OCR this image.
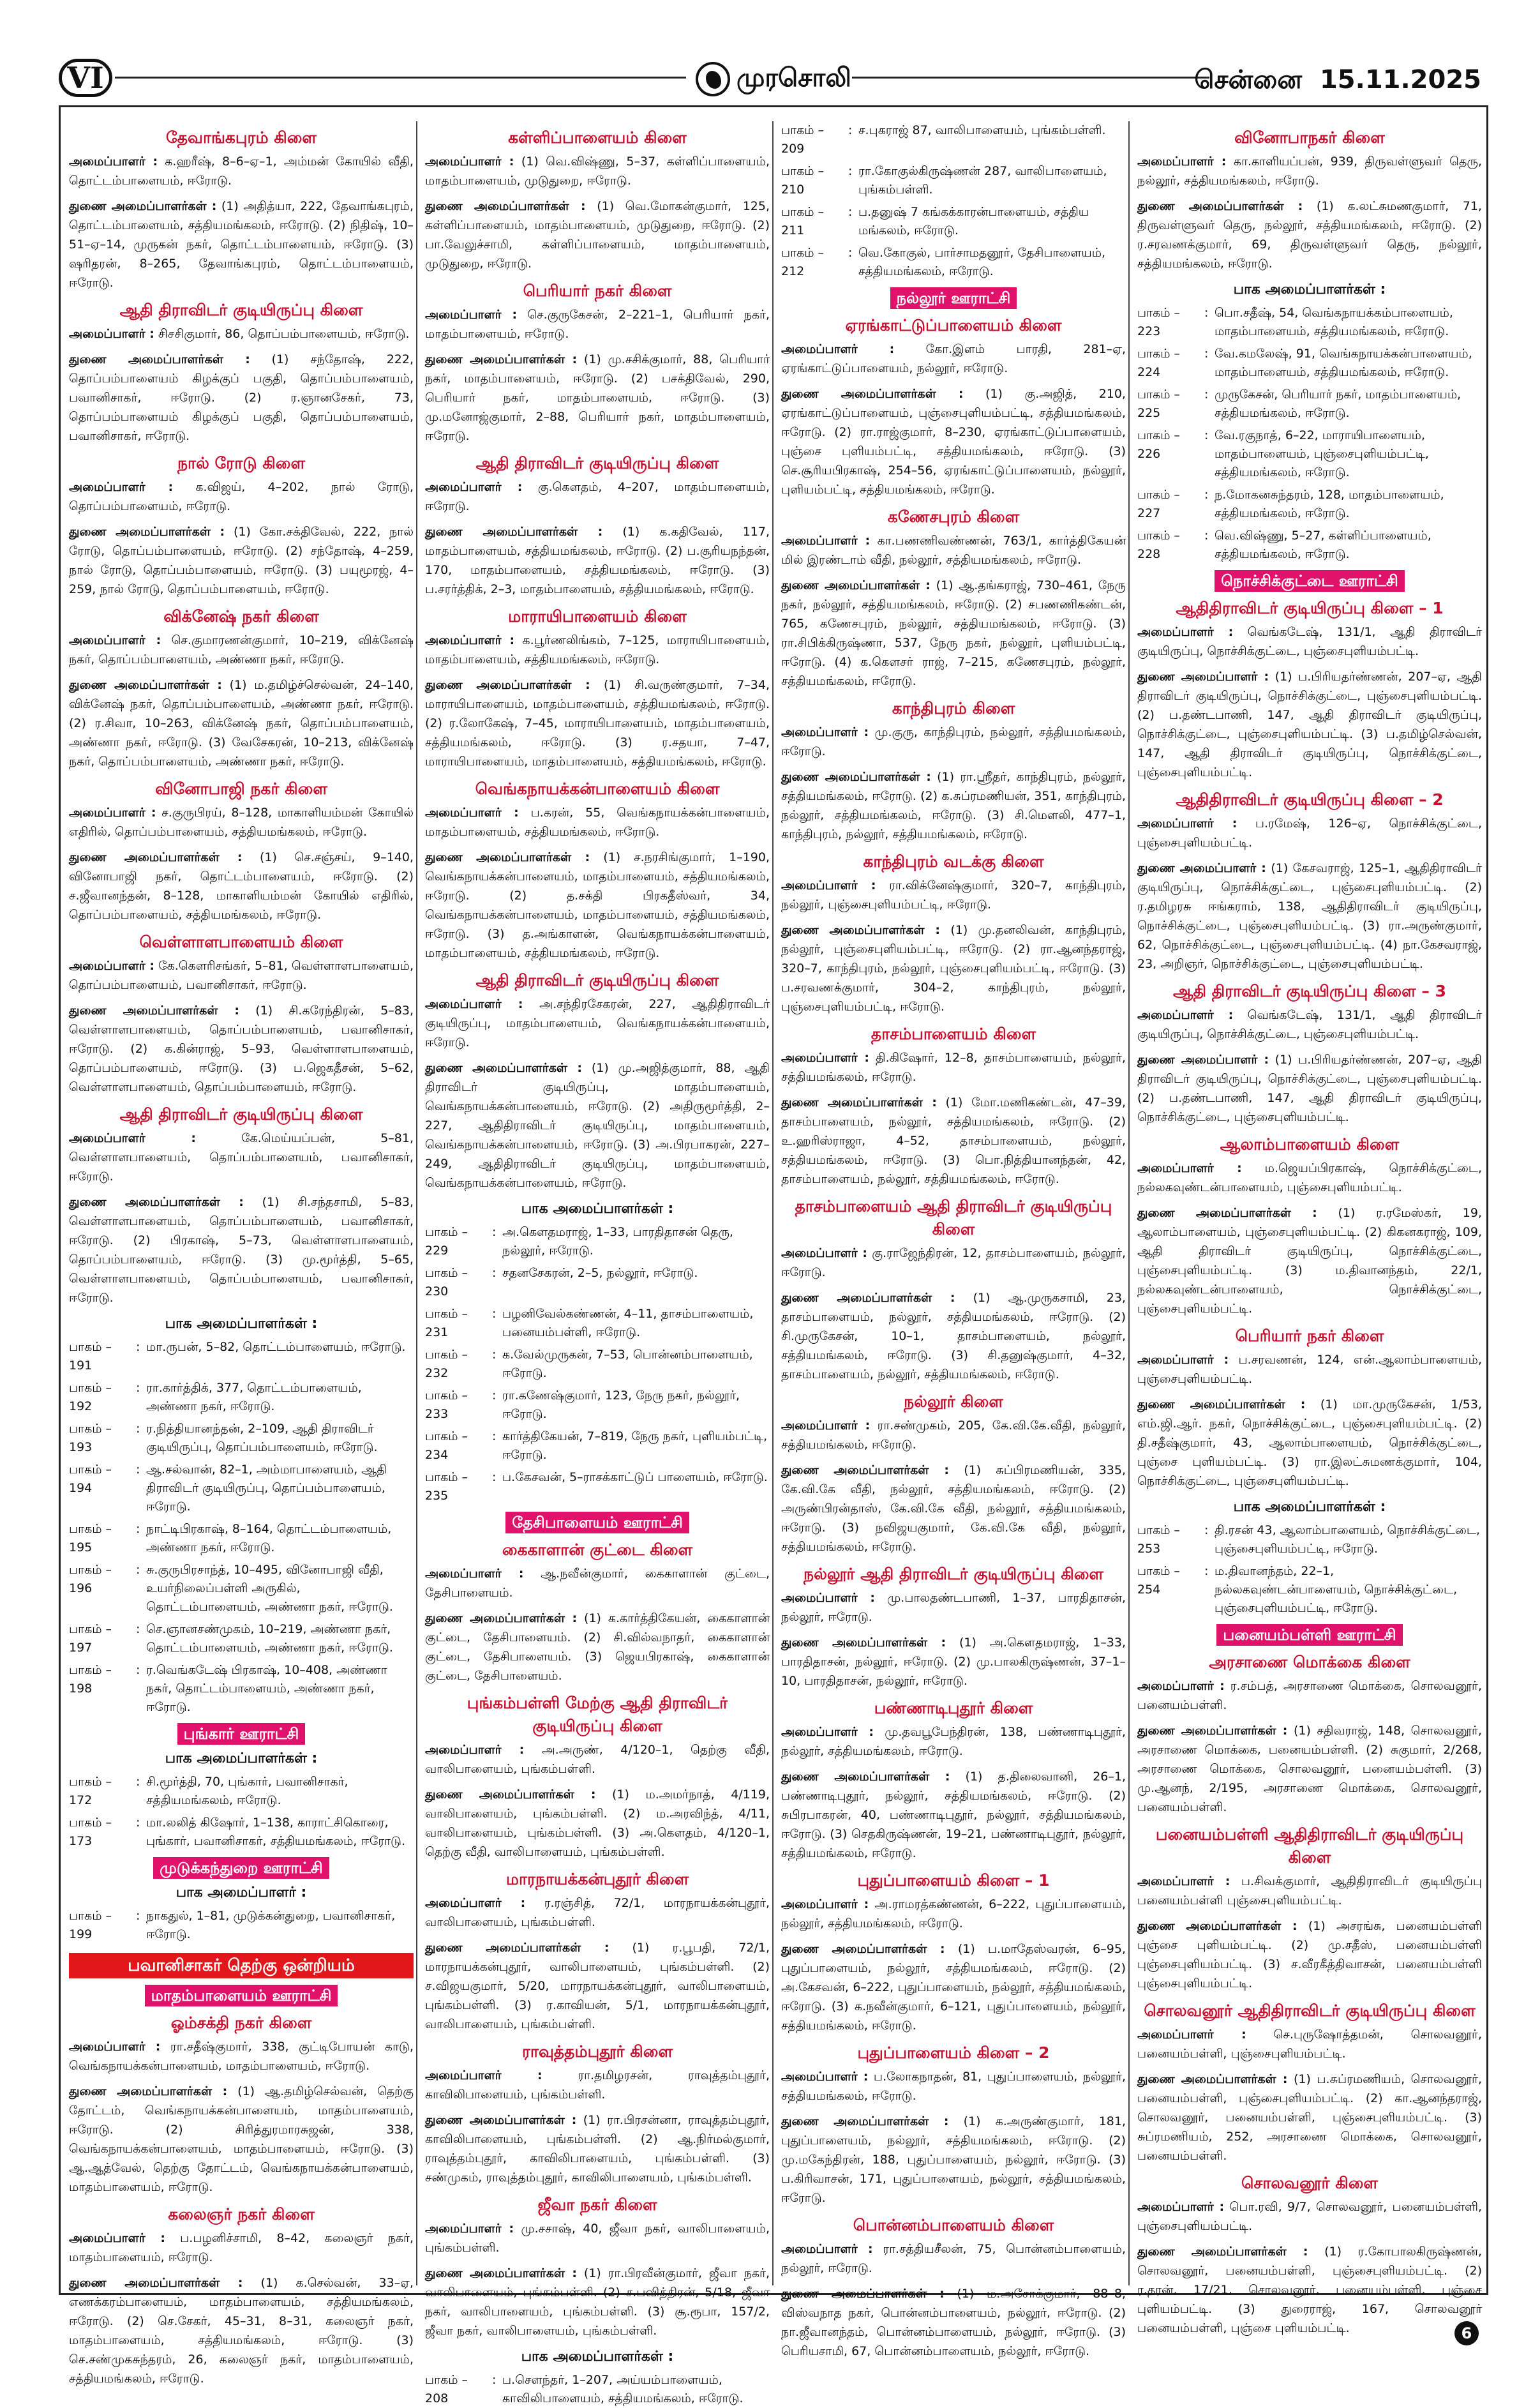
VI	முரசொலி	சென்னை 15.11.2025
தேவாங்கபுரம் கிளை
அமைப்பாளர் : க.ஹரீஷ், 8–6–ஏ–1, அம்மன் கோயில் வீதி, தொட்டம்பாளையம், ஈரோடு.
துணை அமைப்பாளர்கள் : (1) அதித்யா, 222, தேவாங்கபுரம், தொட்டம்பாளையம், சத்தியமங்கலம், ஈரோடு. (2) நிதிஷ், 10–51–ஏ–14, முருகன் நகர், தொட்டம்பாளையம், ஈரோடு. (3) ஷரிதரன், 8–265, தேவாங்கபுரம், தொட்டம்பாளையம், ஈரோடு.
ஆதி திராவிடர் குடியிருப்பு கிளை
அமைப்பாளர் : சிசசிகுமார், 86, தொப்பம்பாளையம், ஈரோடு.
துணை அமைப்பாளர்கள் : (1) சந்தோஷ், 222, தொப்பம்பாளையம் கிழக்குப் பகுதி, தொப்பம்பாளையம், பவானிசாகர், ஈரோடு. (2) ர.ஞானசேகர், 73, தொப்பம்பாளையம் கிழக்குப் பகுதி, தொப்பம்பாளையம், பவானிசாகர், ஈரோடு.
நால் ரோடு கிளை
அமைப்பாளர் : க.விஜய், 4–202, நால் ரோடு, தொப்பம்பாளையம், ஈரோடு.
துணை அமைப்பாளர்கள் : (1) கோ.சக்திவேல், 222, நால் ரோடு, தொப்பம்பாளையம், ஈரோடு. (2) சந்தோஷ், 4–259, நால் ரோடு, தொப்பம்பாளையம், ஈரோடு. (3) பயுமூரஜ், 4–259, நால் ரோடு, தொப்பம்பாளையம், ஈரோடு.
விக்னேஷ் நகர் கிளை
அமைப்பாளர் : செ.குமாரணன்குமார், 10–219, விக்னேஷ் நகர், தொப்பம்பாளையம், அண்ணா நகர், ஈரோடு.
துணை அமைப்பாளர்கள் : (1) ம.தமிழ்ச்செல்வன், 24–140, விக்னேஷ் நகர், தொப்பம்பாளையம், அண்ணா நகர், ஈரோடு. (2) ர.சிவா, 10–263, விக்னேஷ் நகர், தொப்பம்பாளையம், அண்ணா நகர், ஈரோடு. (3) வேசேகரன், 10–213, விக்னேஷ் நகர், தொப்பம்பாளையம், அண்ணா நகர், ஈரோடு.
வினோபாஜி நகர் கிளை
அமைப்பாளர் : ச.குருபிரய், 8–128, மாகாளியம்மன் கோயில் எதிரில், தொப்பம்பாளையம், சத்தியமங்கலம், ஈரோடு.
துணை அமைப்பாளர்கள் : (1) செ.சஞ்சய், 9–140, வினோபாஜி நகர், தொட்டம்பாளையம், ஈரோடு. (2) ச.ஜீவானந்தன், 8–128, மாகாளியம்மன் கோயில் எதிரில், தொப்பம்பாளையம், சத்தியமங்கலம், ஈரோடு.
வெள்ளாளபாளையம் கிளை
அமைப்பாளர் : கே.கௌரிசங்கர், 5–81, வெள்ளாளபாளையம், தொப்பம்பாளையம், பவானிசாகர், ஈரோடு.
துணை அமைப்பாளர்கள் : (1) சி.கரேந்திரன், 5–83, வெள்ளாளபாளையம், தொப்பம்பாளையம், பவானிசாகர், ஈரோடு. (2) க.கின்ராஜ், 5–93, வெள்ளாளபாளையம், தொப்பம்பாளையம், ஈரோடு. (3) ப.ஜெகதீசன், 5–62, வெள்ளாளபாளையம், தொப்பம்பாளையம், ஈரோடு.
ஆதி திராவிடர் குடியிருப்பு கிளை
அமைப்பாளர் : கே.மெய்யப்பன், 5–81, வெள்ளாளபாளையம், தொப்பம்பாளையம், பவானிசாகர், ஈரோடு.
துணை அமைப்பாளர்கள் : (1) சி.சந்தசாமி, 5–83, வெள்ளாளபாளையம், தொப்பம்பாளையம், பவானிசாகர், ஈரோடு. (2) பிரகாஷ், 5–73, வெள்ளாளபாளையம், தொப்பம்பாளையம், ஈரோடு. (3) மு.மூர்த்தி, 5–65, வெள்ளாளபாளையம், தொப்பம்பாளையம், பவானிசாகர், ஈரோடு.
பாக அமைப்பாளர்கள் :
பாகம் – 191
: மா.ருபன், 5–82, தொட்டம்பாளையம், ஈரோடு.
பாகம் – 192
: ரா.கார்த்திக், 377, தொட்டம்பாளையம், அண்ணா நகர், ஈரோடு.
பாகம் – 193
: ர.நித்தியானந்தன், 2–109, ஆதி திராவிடர் குடியிருப்பு, தொப்பம்பாளையம், ஈரோடு.
பாகம் – 194
: ஆ.சல்வான், 82–1, அம்மாபாளையம், ஆதி திராவிடர் குடியிருப்பு, தொப்பம்பாளையம், ஈரோடு.
பாகம் – 195
: நாட்டிபிரகாஷ், 8–164, தொட்டம்பாளையம், அண்ணா நகர், ஈரோடு.
பாகம் – 196
: சு.குருபிரசாந்த், 10–495, வினோபாஜி வீதி, உயர்நிலைப்பள்ளி அருகில், தொட்டம்பாளையம், அண்ணா நகர், ஈரோடு.
பாகம் – 197
: செ.ஞானசண்முகம், 10–219, அண்ணா நகர், தொட்டம்பாளையம், அண்ணா நகர், ஈரோடு.
பாகம் – 198
: ர.வெங்கடேஷ் பிரகாஷ், 10–408, அண்ணா நகர், தொட்டம்பாளையம், அண்ணா நகர், ஈரோடு.
புங்கார் ஊராட்சி
பாக அமைப்பாளர்கள் :
பாகம் – 172
: சி.மூர்த்தி, 70, புங்கார், பவானிசாகர், சத்தியமங்கலம், ஈரோடு.
பாகம் – 173
: மா.லலித் கிஷோர், 1–138, காராட்சிகொரை, புங்கார், பவானிசாகர், சத்தியமங்கலம், ஈரோடு.
முடுக்கந்துறை ஊராட்சி
பாக அமைப்பாளர் :
பாகம் – 199
: நாகதுல், 1–81, முடுக்கன்துறை, பவானிசாகர், ஈரோடு.
பவானிசாகர் தெற்கு ஒன்றியம்
மாதம்பாளையம் ஊராட்சி
ஓம்சக்தி நகர் கிளை
அமைப்பாளர் : ரா.சதீஷ்குமார், 338, குட்டிபோயன் காடு, வெங்கநாயக்கன்பாளையம், மாதம்பாளையம், ஈரோடு.
துணை அமைப்பாளர்கள் : (1) ஆ.தமிழ்செல்வன், தெற்கு தோட்டம், வெங்கநாயக்கன்பாளையம், மாதம்பாளையம், ஈரோடு. (2) சிரித்துரமாரசுஜன், 338, வெங்கநாயக்கன்பாளையம், மாதம்பாளையம், ஈரோடு. (3) ஆ.ஆத்வேல், தெற்கு தோட்டம், வெங்கநாயக்கன்பாளையம், மாதம்பாளையம், ஈரோடு.
கலைஞர் நகர் கிளை
அமைப்பாளர் : ப.பழனிச்சாமி, 8–42, கலைஞர் நகர், மாதம்பாளையம், ஈரோடு.
துணை அமைப்பாளர்கள் : (1) க.செல்வன், 33–ஏ, எணக்கரம்பாளையம், மாதம்பாளையம், சத்தியமங்கலம், ஈரோடு. (2) செ.சேகர், 45–31, 8–31, கலைஞர் நகர், மாதம்பாளையம், சத்தியமங்கலம், ஈரோடு. (3) செ.சண்முகசுந்தரம், 26, கலைஞர் நகர், மாதம்பாளையம், சத்தியமங்கலம், ஈரோடு.
கள்ளிப்பாளையம் கிளை
அமைப்பாளர் : (1) வெ.விஷ்ணு, 5–37, கள்ளிப்பாளையம், மாதம்பாளையம், முடுதுறை, ஈரோடு.
துணை அமைப்பாளர்கள் : (1) வெ.மோகன்குமார், 125, கள்ளிப்பாளையம், மாதம்பாளையம், முடுதுறை, ஈரோடு. (2) பா.வேலுச்சாமி, கள்ளிப்பாளையம், மாதம்பாளையம், முடுதுறை, ஈரோடு.
பெரியார் நகர் கிளை
அமைப்பாளர் : செ.குருகேசன், 2–221–1, பெரியார் நகர், மாதம்பாளையம், ஈரோடு.
துணை அமைப்பாளர்கள் : (1) மு.சசிக்குமார், 88, பெரியார் நகர், மாதம்பாளையம், ஈரோடு. (2) பசக்திவேல், 290, பெரியார் நகர், மாதம்பாளையம், ஈரோடு. (3) மு.மனோஜ்குமார், 2–88, பெரியார் நகர், மாதம்பாளையம், ஈரோடு.
ஆதி திராவிடர் குடியிருப்பு கிளை
அமைப்பாளர் : கு.கௌதம், 4–207, மாதம்பாளையம், ஈரோடு.
துணை அமைப்பாளர்கள் : (1) க.கதிவேல், 117, மாதம்பாளையம், சத்தியமங்கலம், ஈரோடு. (2) ப.சூரியநந்தன், 170, மாதம்பாளையம், சத்தியமங்கலம், ஈரோடு. (3) ப.சரர்த்திக், 2–3, மாதம்பாளையம், சத்தியமங்கலம், ஈரோடு.
மாராயிபாளையம் கிளை
அமைப்பாளர் : க.பூர்ணலிங்கம், 7–125, மாராயிபாளையம், மாதம்பாளையம், சத்தியமங்கலம், ஈரோடு.
துணை அமைப்பாளர்கள் : (1) சி.வருண்குமார், 7–34, மாராயிபாளையம், மாதம்பாளையம், சத்தியமங்கலம், ஈரோடு. (2) ர.லோகேஷ், 7–45, மாராயிபாளையம், மாதம்பாளையம், சத்தியமங்கலம், ஈரோடு. (3) ர.சதயா, 7–47, மாராயிபாளையம், மாதம்பாளையம், சத்தியமங்கலம், ஈரோடு.
வெங்கநாயக்கன்பாளையம் கிளை
அமைப்பாளர் : ப.கரன், 55, வெங்கநாயக்கன்பாளையம், மாதம்பாளையம், சத்தியமங்கலம், ஈரோடு.
துணை அமைப்பாளர்கள் : (1) ச.நரசிங்குமார், 1–190, வெங்கநாயக்கன்பாளையம், மாதம்பாளையம், சத்தியமங்கலம், ஈரோடு. (2) த.சக்தி பிரகதீஸ்வர், 34, வெங்கநாயக்கன்பாளையம், மாதம்பாளையம், சத்தியமங்கலம், ஈரோடு. (3) த.அங்காளன், வெங்கநாயக்கன்பாளையம், மாதம்பாளையம், சத்தியமங்கலம், ஈரோடு.
ஆதி திராவிடர் குடியிருப்பு கிளை
அமைப்பாளர் : அ.சந்திரசேகரன், 227, ஆதிதிராவிடர் குடியிருப்பு, மாதம்பாளையம், வெங்கநாயக்கன்பாளையம், ஈரோடு.
துணை அமைப்பாளர்கள் : (1) மு.அஜித்குமார், 88, ஆதி திராவிடர் குடியிருப்பு, மாதம்பாளையம், வெங்கநாயக்கன்பாளையம், ஈரோடு. (2) அதிருமூர்த்தி, 2–227, ஆதிதிராவிடர் குடியிருப்பு, மாதம்பாளையம், வெங்கநாயக்கன்பாளையம், ஈரோடு. (3) அ.பிரபாகரன், 227–249, ஆதிதிராவிடர் குடியிருப்பு, மாதம்பாளையம், வெங்கநாயக்கன்பாளையம், ஈரோடு.
பாக அமைப்பாளர்கள் :
பாகம் – 229
: அ.கௌதமராஜ், 1–33, பாரதிதாசன் தெரு, நல்லூர், ஈரோடு.
பாகம் – 230
: சதனசேகரன், 2–5, நல்லூர், ஈரோடு.
பாகம் – 231
: பழனிவேல்கண்ணன், 4–11, தாசம்பாளையம், பனையம்பள்ளி, ஈரோடு.
பாகம் – 232
: க.வேல்முருகன், 7–53, பொன்னம்பாளையம், ஈரோடு.
பாகம் – 233
: ரா.கணேஷ்குமார், 123, நேரு நகர், நல்லூர், ஈரோடு.
பாகம் – 234
: கார்த்திகேயன், 7–819, நேரு நகர், புளியம்பட்டி, ஈரோடு.
பாகம் – 235
: ப.கேசவன், 5–ராசக்காட்டுப் பாளையம், ஈரோடு.
தேசிபாளையம் ஊராட்சி
கைகாளான் குட்டை கிளை
அமைப்பாளர் : ஆ.நவீன்குமார், கைகாளான் குட்டை, தேசிபாளையம்.
துணை அமைப்பாளர்கள் : (1) க.கார்த்திகேயன், கைகாளான் குட்டை, தேசிபாளையம். (2) சி.வில்வநாதர், கைகாளான் குட்டை, தேசிபாளையம். (3) ஜெயபிரகாஷ், கைகாளான் குட்டை, தேசிபாளையம்.
புங்கம்பள்ளி மேற்கு ஆதி திராவிடர் குடியிருப்பு கிளை
அமைப்பாளர் : அ.அருண், 4/120–1, தெற்கு வீதி, வாலிபாளையம், புங்கம்பள்ளி.
துணை அமைப்பாளர்கள் : (1) ம.அமர்நாத், 4/119, வாலிபாளையம், புங்கம்பள்ளி. (2) ம.அரவிந்த், 4/11, வாலிபாளையம், புங்கம்பள்ளி. (3) அ.கௌதம், 4/120–1, தெற்கு வீதி, வாலிபாளையம், புங்கம்பள்ளி.
மாரநாயக்கன்புதூர் கிளை
அமைப்பாளர் : ர.ரஞ்சித், 72/1, மாரநாயக்கன்புதூர், வாலிபாளையம், புங்கம்பள்ளி.
துணை அமைப்பாளர்கள் : (1) ர.பூபதி, 72/1, மாரநாயக்கன்புதூர், வாலிபாளையம், புங்கம்பள்ளி. (2) ச.விஜயகுமார், 5/20, மாரநாயக்கன்புதூர், வாலிபாளையம், புங்கம்பள்ளி. (3) ர.காவியன், 5/1, மாரநாயக்கன்புதூர், வாலிபாளையம், புங்கம்பள்ளி.
ராவுத்தம்புதூர் கிளை
அமைப்பாளர் : ரா.தமிழரசன், ராவுத்தம்புதூர், காவிலிபாளையம், புங்கம்பள்ளி.
துணை அமைப்பாளர்கள் : (1) ரா.பிரசன்னா, ராவுத்தம்புதூர், காவிலிபாளையம், புங்கம்பள்ளி. (2) ஆ.நிர்மல்குமார், ராவுத்தம்புதூர், காவிலிபாளையம், புங்கம்பள்ளி. (3) சண்முகம், ராவுத்தம்புதூர், காவிலிபாளையம், புங்கம்பள்ளி.
ஜீவா நகர் கிளை
அமைப்பாளர் : மு.சசாஷ், 40, ஜீவா நகர், வாலிபாளையம், புங்கம்பள்ளி.
துணை அமைப்பாளர்கள் : (1) ரா.பிரவீன்குமார், ஜீவா நகர், வாலிபாளையம், புங்கம்பள்ளி. (2) ச.பவித்திரன், 5/18, ஜீவா நகர், வாலிபாளையம், புங்கம்பள்ளி. (3) சூ.ரூபா, 157/2, ஜீவா நகர், வாலிபாளையம், புங்கம்பள்ளி.
பாக அமைப்பாளர்கள் :
பாகம் – 208
: ப.சௌந்தர், 1–207, அய்யம்பாளையம், காவிலிபாளையம், சத்தியமங்கலம், ஈரோடு.
பாகம் – 209
: ச.புகராஜ் 87, வாலிபாளையம், புங்கம்பள்ளி.
பாகம் – 210
: ரா.கோகுல்கிருஷ்ணன் 287, வாலிபாளையம், புங்கம்பள்ளி.
பாகம் – 211
: ப.தனுஷ் 7 கங்கக்காரன்பாளையம், சத்திய மங்கலம், ஈரோடு.
பாகம் – 212
: வெ.கோகுல், பார்சாமதனூர், தேசிபாளையம், சத்தியமங்கலம், ஈரோடு.
நல்லூர் ஊராட்சி
ஏரங்காட்டுப்பாளையம் கிளை
அமைப்பாளர் : கோ.இளம் பாரதி, 281–ஏ, ஏரங்காட்டுப்பாளையம், நல்லூர், ஈரோடு.
துணை அமைப்பாளர்கள் : (1) கு.அஜித், 210, ஏரங்காட்டுப்பாளையம், புஞ்சைபுளியம்பட்டி, சத்தியமங்கலம், ஈரோடு. (2) ரா.ராஜ்குமார், 8–230, ஏரங்காட்டுப்பாளையம், புஞ்சை புளியம்பட்டி, சத்தியமங்கலம், ஈரோடு. (3) செ.சூரியபிரகாஷ், 254–56, ஏரங்காட்டுப்பாளையம், நல்லூர், புளியம்பட்டி, சத்தியமங்கலம், ஈரோடு.
கணேசபுரம் கிளை
அமைப்பாளர் : கா.பணணிவண்ணன், 763/1, கார்த்திகேயன் மில் இரண்டாம் வீதி, நல்லூர், சத்தியமங்கலம், ஈரோடு.
துணை அமைப்பாளர்கள் : (1) ஆ.தங்கராஜ், 730–461, நேரு நகர், நல்லூர், சத்தியமங்கலம், ஈரோடு. (2) சபணணிகண்டன், 765, கணேசபுரம், நல்லூர், சத்தியமங்கலம், ஈரோடு. (3) ரா.சிபிக்கிருஷ்ணா, 537, நேரு நகர், நல்லூர், புளியம்பட்டி, ஈரோடு. (4) க.கௌசர் ராஜ், 7–215, கணேசபுரம், நல்லூர், சத்தியமங்கலம், ஈரோடு.
காந்திபுரம் கிளை
அமைப்பாளர் : மு.குரு, காந்திபுரம், நல்லூர், சத்தியமங்கலம், ஈரோடு.
துணை அமைப்பாளர்கள் : (1) ரா.ஸ்ரீதர், காந்திபுரம், நல்லூர், சத்தியமங்கலம், ஈரோடு. (2) க.சுப்ரமணியன், 351, காந்திபுரம், நல்லூர், சத்தியமங்கலம், ஈரோடு. (3) சி.மௌலி, 477–1, காந்திபுரம், நல்லூர், சத்தியமங்கலம், ஈரோடு.
காந்திபுரம் வடக்கு கிளை
அமைப்பாளர் : ரா.விக்னேஷ்குமார், 320–7, காந்திபுரம், நல்லூர், புஞ்சைபுளியம்பட்டி, ஈரோடு.
துணை அமைப்பாளர்கள் : (1) மு.தனலிவன், காந்திபுரம், நல்லூர், புஞ்சைபுளியம்பட்டி, ஈரோடு. (2) ரா.ஆனந்தராஜ், 320–7, காந்திபுரம், நல்லூர், புஞ்சைபுளியம்பட்டி, ஈரோடு. (3) ப.சரவணக்குமார், 304–2, காந்திபுரம், நல்லூர், புஞ்சைபுளியம்பட்டி, ஈரோடு.
தாசம்பாளையம் கிளை
அமைப்பாளர் : தி.கிஷோர், 12–8, தாசம்பாளையம், நல்லூர், சத்தியமங்கலம், ஈரோடு.
துணை அமைப்பாளர்கள் : (1) மோ.மணிகண்டன், 47–39, தாசம்பாளையம், நல்லூர், சத்தியமங்கலம், ஈரோடு. (2) உ.ஹரிஸ்ராஜா, 4–52, தாசம்பாளையம், நல்லூர், சத்தியமங்கலம், ஈரோடு. (3) பொ.நித்தியானந்தன், 42, தாசம்பாளையம், நல்லூர், சத்தியமங்கலம், ஈரோடு.
தாசம்பாளையம் ஆதி திராவிடர் குடியிருப்பு கிளை
அமைப்பாளர் : கு.ராஜேந்திரன், 12, தாசம்பாளையம், நல்லூர், ஈரோடு.
துணை அமைப்பாளர்கள் : (1) ஆ.முருகசாமி, 23, தாசம்பாளையம், நல்லூர், சத்தியமங்கலம், ஈரோடு. (2) சி.முருகேசன், 10–1, தாசம்பாளையம், நல்லூர், சத்தியமங்கலம், ஈரோடு. (3) சி.தனுஷ்குமார், 4–32, தாசம்பாளையம், நல்லூர், சத்தியமங்கலம், ஈரோடு.
நல்லூர் கிளை
அமைப்பாளர் : ரா.சண்முகம், 205, கே.வி.கே.வீதி, நல்லூர், சத்தியமங்கலம், ஈரோடு.
துணை அமைப்பாளர்கள் : (1) சுப்பிரமணியன், 335, கே.வி.கே வீதி, நல்லூர், சத்தியமங்கலம், ஈரோடு. (2) அருண்பிரன்தாஸ், கே.வி.கே வீதி, நல்லூர், சத்தியமங்கலம், ஈரோடு. (3) நவிஜயகுமார், கே.வி.கே வீதி, நல்லூர், சத்தியமங்கலம், ஈரோடு.
நல்லூர் ஆதி திராவிடர் குடியிருப்பு கிளை
அமைப்பாளர் : மு.பாலதண்டபாணி, 1–37, பாரதிதாசன், நல்லூர், ஈரோடு.
துணை அமைப்பாளர்கள் : (1) அ.கௌதமராஜ், 1–33, பாரதிதாசன், நல்லூர், ஈரோடு. (2) மு.பாலகிருஷ்ணன், 37–1–10, பாரதிதாசன், நல்லூர், ஈரோடு.
பண்ணாடிபுதூர் கிளை
அமைப்பாளர் : மு.தவபூபேந்திரன், 138, பண்ணாடிபுதூர், நல்லூர், சத்தியமங்கலம், ஈரோடு.
துணை அமைப்பாளர்கள் : (1) த.திலைவானி, 26–1, பண்ணாடிபுதூர், நல்லூர், சத்தியமங்கலம், ஈரோடு. (2) சுபிரபாகரன், 40, பண்ணாடிபுதூர், நல்லூர், சத்தியமங்கலம், ஈரோடு. (3) செதகிருஷ்ணன், 19–21, பண்ணாடிபுதூர், நல்லூர், சத்தியமங்கலம், ஈரோடு.
புதுப்பாளையம் கிளை – 1
அமைப்பாளர் : அ.ராமரத்கண்ணன், 6–222, புதுப்பாளையம், நல்லூர், சத்தியமங்கலம், ஈரோடு.
துணை அமைப்பாளர்கள் : (1) ப.மாதேஸ்வரன், 6–95, புதுப்பாளையம், நல்லூர், சத்தியமங்கலம், ஈரோடு. (2) அ.கேசவன், 6–222, புதுப்பாளையம், நல்லூர், சத்தியமங்கலம், ஈரோடு. (3) க.நவீன்குமார், 6–121, புதுப்பாளையம், நல்லூர், சத்தியமங்கலம், ஈரோடு.
புதுப்பாளையம் கிளை – 2
அமைப்பாளர் : ப.லோகநாதன், 81, புதுப்பாளையம், நல்லூர், சத்தியமங்கலம், ஈரோடு.
துணை அமைப்பாளர்கள் : (1) க.அருண்குமார், 181, புதுப்பாளையம், நல்லூர், சத்தியமங்கலம், ஈரோடு. (2) மு.மகேந்திரன், 188, புதுப்பாளையம், நல்லூர், ஈரோடு. (3) ப.கிரிவாசன், 171, புதுப்பாளையம், நல்லூர், சத்தியமங்கலம், ஈரோடு.
பொன்னம்பாளையம் கிளை
அமைப்பாளர் : ரா.சத்தியசீலன், 75, பொன்னம்பாளையம், நல்லூர், ஈரோடு.
துணை அமைப்பாளர்கள் : (1) ம.அசோக்குமார், 88–8, விஸ்வநாத நகர், பொன்னம்பாளையம், நல்லூர், ஈரோடு. (2) நா.ஜீவானந்தம், பொன்னம்பாளையம், நல்லூர், ஈரோடு. (3) பெரியசாமி, 67, பொன்னம்பாளையம், நல்லூர், ஈரோடு.
வினோபாநகர் கிளை
அமைப்பாளர் : கா.காளியப்பன், 939, திருவள்ளுவர் தெரு, நல்லூர், சத்தியமங்கலம், ஈரோடு.
துணை அமைப்பாளர்கள் : (1) க.லட்சுமணகுமார், 71, திருவள்ளுவர் தெரு, நல்லூர், சத்தியமங்கலம், ஈரோடு. (2) ர.சரவணக்குமார், 69, திருவள்ளுவர் தெரு, நல்லூர், சத்தியமங்கலம், ஈரோடு.
பாக அமைப்பாளர்கள் :
பாகம் – 223
: பொ.சதீஷ், 54, வெங்கநாயக்கம்பாளையம், மாதம்பாளையம், சத்தியமங்கலம், ஈரோடு.
பாகம் – 224
: வே.கமலேஷ், 91, வெங்கநாயக்கன்பாளையம், மாதம்பாளையம், சத்தியமங்கலம், ஈரோடு.
பாகம் – 225
: முருகேசன், பெரியார் நகர், மாதம்பாளையம், சத்தியமங்கலம், ஈரோடு.
பாகம் – 226
: வே.ரகுநாத், 6–22, மாராயிபாளையம், மாதம்பாளையம், புஞ்சைபுளியம்பட்டி, சத்தியமங்கலம், ஈரோடு.
பாகம் – 227
: ந.மோகனசுந்தரம், 128, மாதம்பாளையம், சத்தியமங்கலம், ஈரோடு.
பாகம் – 228
: வெ.விஷ்ணு, 5–27, கள்ளிப்பாளையம், சத்தியமங்கலம், ஈரோடு.
நொச்சிக்குட்டை ஊராட்சி
ஆதிதிராவிடர் குடியிருப்பு கிளை – 1
அமைப்பாளர் : வெங்கடேஷ், 131/1, ஆதி திராவிடர் குடியிருப்பு, நொச்சிக்குட்டை, புஞ்சைபுளியம்பட்டி.
துணை அமைப்பாளர் : (1) ப.பிரியதர்ண்ணன், 207–ஏ, ஆதி திராவிடர் குடியிருப்பு, நொச்சிக்குட்டை, புஞ்சைபுளியம்பட்டி. (2) ப.தண்டபாணி, 147, ஆதி திராவிடர் குடியிருப்பு, நொச்சிக்குட்டை, புஞ்சைபுளியம்பட்டி. (3) ப.தமிழ்செல்வன், 147, ஆதி திராவிடர் குடியிருப்பு, நொச்சிக்குட்டை, புஞ்சைபுளியம்பட்டி.
ஆதிதிராவிடர் குடியிருப்பு கிளை – 2
அமைப்பாளர் : ப.ரமேஷ், 126–ஏ, நொச்சிக்குட்டை, புஞ்சைபுளியம்பட்டி.
துணை அமைப்பாளர் : (1) கேசவராஜ், 125–1, ஆதிதிராவிடர் குடியிருப்பு, நொச்சிக்குட்டை, புஞ்சைபுளியம்பட்டி. (2) ர.தமிழரசு ஈங்கராம், 138, ஆதிதிராவிடர் குடியிருப்பு, நொச்சிக்குட்டை, புஞ்சைபுளியம்பட்டி. (3) ரா.அருண்குமார், 62, நொச்சிக்குட்டை, புஞ்சைபுளியம்பட்டி. (4) நா.கேசவராஜ், 23, அறிஞர், நொச்சிக்குட்டை, புஞ்சைபுளியம்பட்டி.
ஆதி திராவிடர் குடியிருப்பு கிளை – 3
அமைப்பாளர் : வெங்கடேஷ், 131/1, ஆதி திராவிடர் குடியிருப்பு, நொச்சிக்குட்டை, புஞ்சைபுளியம்பட்டி.
துணை அமைப்பாளர் : (1) ப.பிரியதர்ண்ணன், 207–ஏ, ஆதி திராவிடர் குடியிருப்பு, நொச்சிக்குட்டை, புஞ்சைபுளியம்பட்டி. (2) ப.தண்டபாணி, 147, ஆதி திராவிடர் குடியிருப்பு, நொச்சிக்குட்டை, புஞ்சைபுளியம்பட்டி.
ஆலாம்பாளையம் கிளை
அமைப்பாளர் : ம.ஜெயப்பிரகாஷ், நொச்சிக்குட்டை, நல்லகவுண்டன்பாளையம், புஞ்சைபுளியம்பட்டி.
துணை அமைப்பாளர்கள் : (1) ர.ரமேஸ்கர், 19, ஆலாம்பாளையம், புஞ்சைபுளியம்பட்டி. (2) கிகனகராஜ், 109, ஆதி திராவிடர் குடியிருப்பு, நொச்சிக்குட்டை, புஞ்சைபுளியம்பட்டி. (3) ம.திவானந்தம், 22/1, நல்லகவுண்டன்பாளையம், நொச்சிக்குட்டை, புஞ்சைபுளியம்பட்டி.
பெரியார் நகர் கிளை
அமைப்பாளர் : ப.சரவணன், 124, என்.ஆலாம்பாளையம், புஞ்சைபுளியம்பட்டி.
துணை அமைப்பாளர்கள் : (1) மா.முருகேசன், 1/53, எம்.ஜி.ஆர். நகர், நொச்சிக்குட்டை, புஞ்சைபுளியம்பட்டி. (2) தி.சதீஷ்குமார், 43, ஆலாம்பாளையம், நொச்சிக்குட்டை, புஞ்சை புளியம்பட்டி. (3) ரா.இலட்சுமணக்குமார், 104, நொச்சிக்குட்டை, புஞ்சைபுளியம்பட்டி.
பாக அமைப்பாளர்கள் :
பாகம் – 253
: தி.ரசன் 43, ஆலாம்பாளையம், நொச்சிக்குட்டை, புஞ்சைபுளியம்பட்டி, ஈரோடு.
பாகம் – 254
: ம.திவானந்தம், 22–1, நல்லகவுண்டன்பாளையம், நொச்சிக்குட்டை, புஞ்சைபுளியம்பட்டி, ஈரோடு.
பனையம்பள்ளி ஊராட்சி
அரசாணை மொக்கை கிளை
அமைப்பாளர் : ர.சம்பத், அரசாணை மொக்கை, சொலவனூர், பனையம்பள்ளி.
துணை அமைப்பாளர்கள் : (1) சதிவராஜ், 148, சொலவனூர், அரசாணை மொக்கை, பனையம்பள்ளி. (2) சுகுமார், 2/268, அரசாணை மொக்கை, சொலவனூர், பனையம்பள்ளி. (3) மு.ஆனந், 2/195, அரசாணை மொக்கை, சொலவனூர், பனையம்பள்ளி.
பனையம்பள்ளி ஆதிதிராவிடர் குடியிருப்பு கிளை
அமைப்பாளர் : ப.சிவக்குமார், ஆதிதிராவிடர் குடியிருப்பு பனையம்பள்ளி புஞ்சைபுளியம்பட்டி.
துணை அமைப்பாளர்கள் : (1) அசரங்சு, பனையம்பள்ளி புஞ்சை புளியம்பட்டி. (2) மு.சதீஸ், பனையம்பள்ளி புஞ்சைபுளியம்பட்டி. (3) ச.வீரகீத்திவாசன், பனையம்பள்ளி புஞ்சைபுளியம்பட்டி.
சொலவனூர் ஆதிதிராவிடர் குடியிருப்பு கிளை
அமைப்பாளர் : செ.புருஷோத்தமன், சொலவனூர், பனையம்பள்ளி, புஞ்சைபுளியம்பட்டி.
துணை அமைப்பாளர்கள் : (1) ப.சுப்ரமணியம், சொலவனூர், பனையம்பள்ளி, புஞ்சைபுளியம்பட்டி. (2) கா.ஆனந்தராஜ், சொலவனூர், பனையம்பள்ளி, புஞ்சைபுளியம்பட்டி. (3) சுப்ரமணியம், 252, அரசாணை மொக்கை, சொலவனூர், பனையம்பள்ளி.
சொலவனூர் கிளை
அமைப்பாளர் : பொ.ரவி, 9/7, சொலவனூர், பனையம்பள்ளி, புஞ்சைபுளியம்பட்டி.
துணை அமைப்பாளர்கள் : (1) ர.கோபாலகிருஷ்ணன், சொலவனூர், பனையம்பள்ளி, புஞ்சைபுளியம்பட்டி. (2) ர.தரன், 17/21, சொலவனூர், பனையம்பள்ளி, புஞ்சை புளியம்பட்டி. (3) துரைராஜ், 167, சொலவனூர் பனையம்பள்ளி, புஞ்சை புளியம்பட்டி.	6
